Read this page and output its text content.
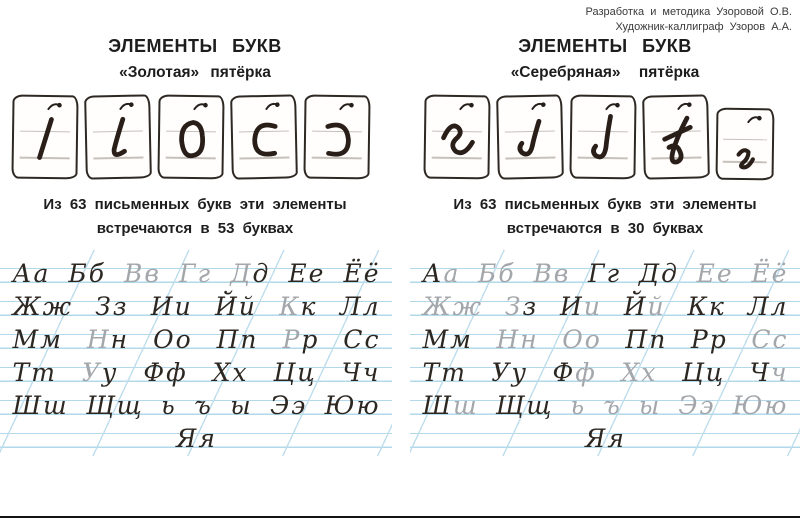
Разработка и методика Узоровой О.В.
Художник-каллиграф Узоров А.А.
ЭЛЕМЕНТЫ БУКВ
«Золотая» пятёрка
ЭЛЕМЕНТЫ БУКВ
«Серебряная» пятёрка

Из 63 письменных букв эти элементы
встречаются в 53 буквах

Из 63 письменных букв эти элементы
встречаются в 30 буквах

Аа Бб Вв Гг Дд Ее Ёё
Жж Зз Ии Йй Кк Лл
Мм Нн Оо Пп Рр Сс
Тт Уу Фф Хх Цц Чч
Шш Щщ ь ъ ы Ээ Юю
Яя
Аа Бб Вв Гг Дд Ее Ёё
Жж Зз Ии Йй Кк Лл
Мм Нн Оо Пп Рр Сс
Тт Уу Фф Хх Цц Чч
Шш Щщ ь ъ ы Ээ Юю
Яя
